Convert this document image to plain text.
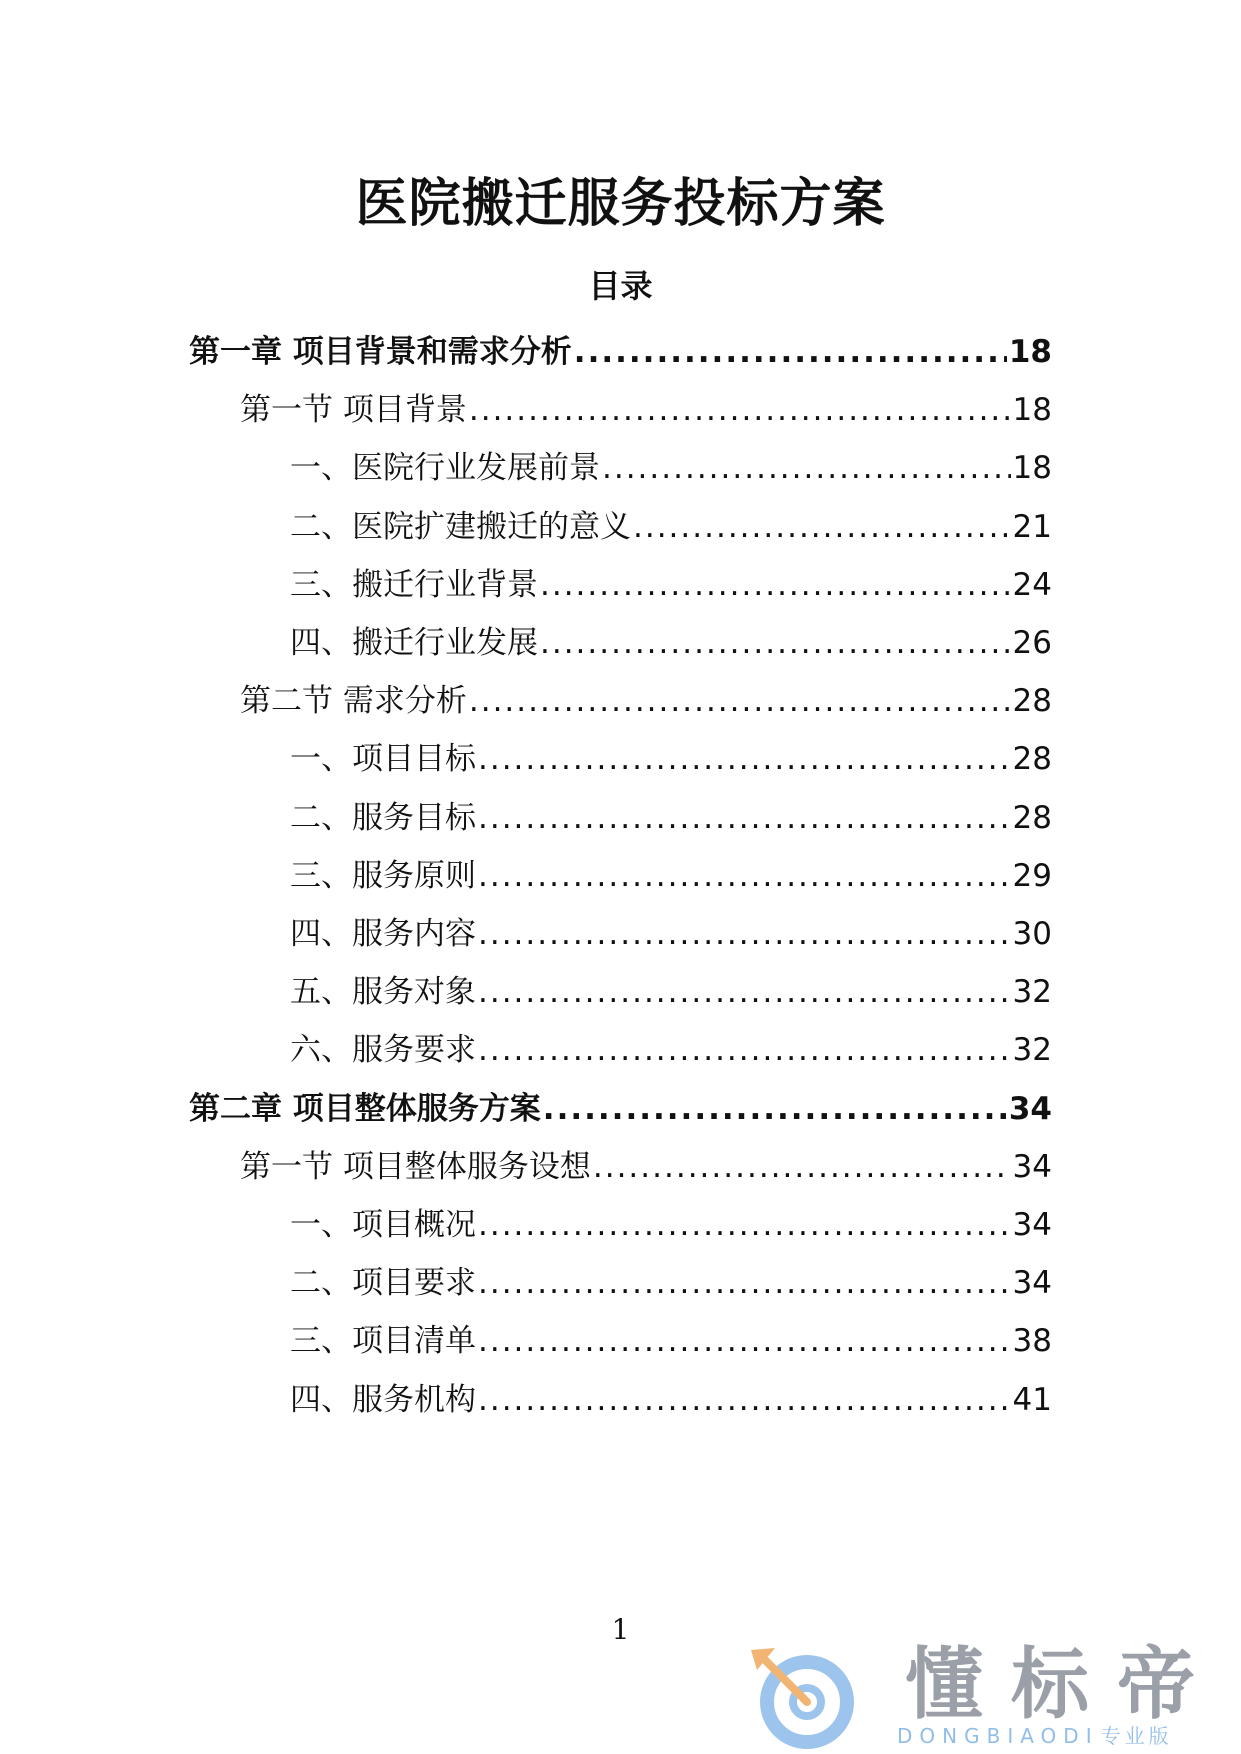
医院搬迁服务投标方案
目录
第一章 项目背景和需求分析 .....	18
第一节 项目背景 .....	18
一、医院行业发展前景 .....	18
二、医院扩建搬迁的意义 .....	21
三、搬迁行业背景 .....	24
四、搬迁行业发展 .....	26
第二节 需求分析 .....	28
一、项目目标 .....	28
二、服务目标 .....	28
三、服务原则 .....	29
四、服务内容 .....	30
五、服务对象 .....	32
六、服务要求 .....	32
第二章 项目整体服务方案 .....	34
第一节 项目整体服务设想 .....	34
一、项目概况 .....	34
二、项目要求 .....	34
三、项目清单 .....	38
四、服务机构 .....	41
1
懂标帝
DONGBIAODI 专业版
